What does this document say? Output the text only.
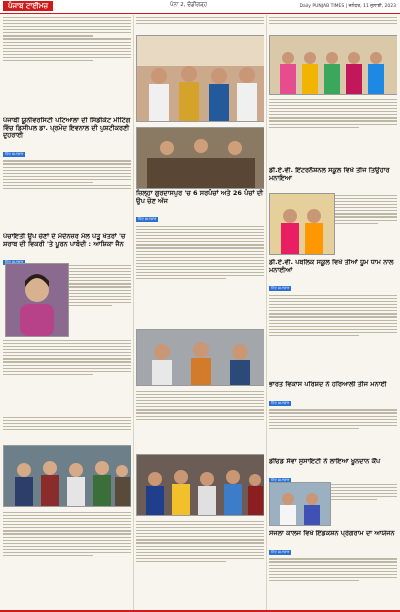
ਪੰਜਾਬ ਟਾਈਮਜ਼	ਪੰਨਾ 2, ਚੰਡੀਗੜ੍ਹ	Daily PUNJAB TIMES | ਜਲੰਧਰ, 11 ਜੁਲਾਈ, 2023
ਪੰਜਾਬੀ ਯੂਨੀਵਰਸਿਟੀ ਪਟਿਆਲਾ ਦੀ ਸਿੰਡੀਕੇਟ ਮੀਟਿੰਗ ਵਿੱਚ ਡਿਸੀਪਲ ਡਾ. ਪ੍ਰਮੋਦ ਇਵਨਾਲ ਦੀ ਪੁਸ਼ਟੀਕਰਣੀ ਦੁਹਰਾਈ
ਹਿੰਦ ਸਮਾਚਾਰ
ਪੰਚਾਇਤੀ ਉਪ ਚੋਣਾਂ ਦੇ ਮੱਦੇਨਜ਼ਰ ਮੱਲ ਪੋਤੂ ਖੇਤਰਾਂ 'ਚ ਸ਼ਰਾਬ ਦੀ ਵਿਕਰੀ 'ਤੇ ਪੂਰਨ ਪਾਬੰਦੀ : ਆਸ਼ਿਕਾ ਜੈਨ
ਹਿੰਦ ਸਮਾਚਾਰ
ਜ਼ਿਲ੍ਹਾ ਗੁਰਦਾਸਪੁਰ 'ਚ 6 ਸਰਪੰਚਾਂ ਅਤੇ 26 ਪੰਚਾਂ ਦੀ ਉਪ ਚੋਣ ਅੱਜ
ਹਿੰਦ ਸਮਾਚਾਰ
ਡੀ.ਏ.ਵੀ. ਇੰਟਰਨੈਸ਼ਨਲ ਸਕੂਲ ਵਿਖੇ ਤੀਜ ਤਿਉਹਾਰ ਮਨਾਇਆ
ਡੀ.ਏ.ਵੀ. ਪਬਲਿਕ ਸਕੂਲ ਵਿਖੇ ਤੀਆਂ ਧੂਮ ਧਾਮ ਨਾਲ ਮਨਾਈਆਂ
ਹਿੰਦ ਸਮਾਚਾਰ
ਭਾਰਤ ਵਿਕਾਸ ਪਰਿਸ਼ਦ ਨੇ ਹਰਿਆਲੀ ਤੀਜ ਮਨਾਈ
ਹਿੰਦ ਸਮਾਚਾਰ
ਡੀਓਡ ਸੇਵਾ ਸੁਸਾਇਟੀ ਨੇ ਲਾਇਆ ਖੂਨਦਾਨ ਕੈਂਪ
ਹਿੰਦ ਸਮਾਚਾਰ
ਸੋਜਲਾ ਕਾਲਜ ਵਿਖੇ ਇੰਡਕਸ਼ਨ ਪ੍ਰੋਗਰਾਮ ਦਾ ਆਯੋਜਨ
ਹਿੰਦ ਸਮਾਚਾਰ
